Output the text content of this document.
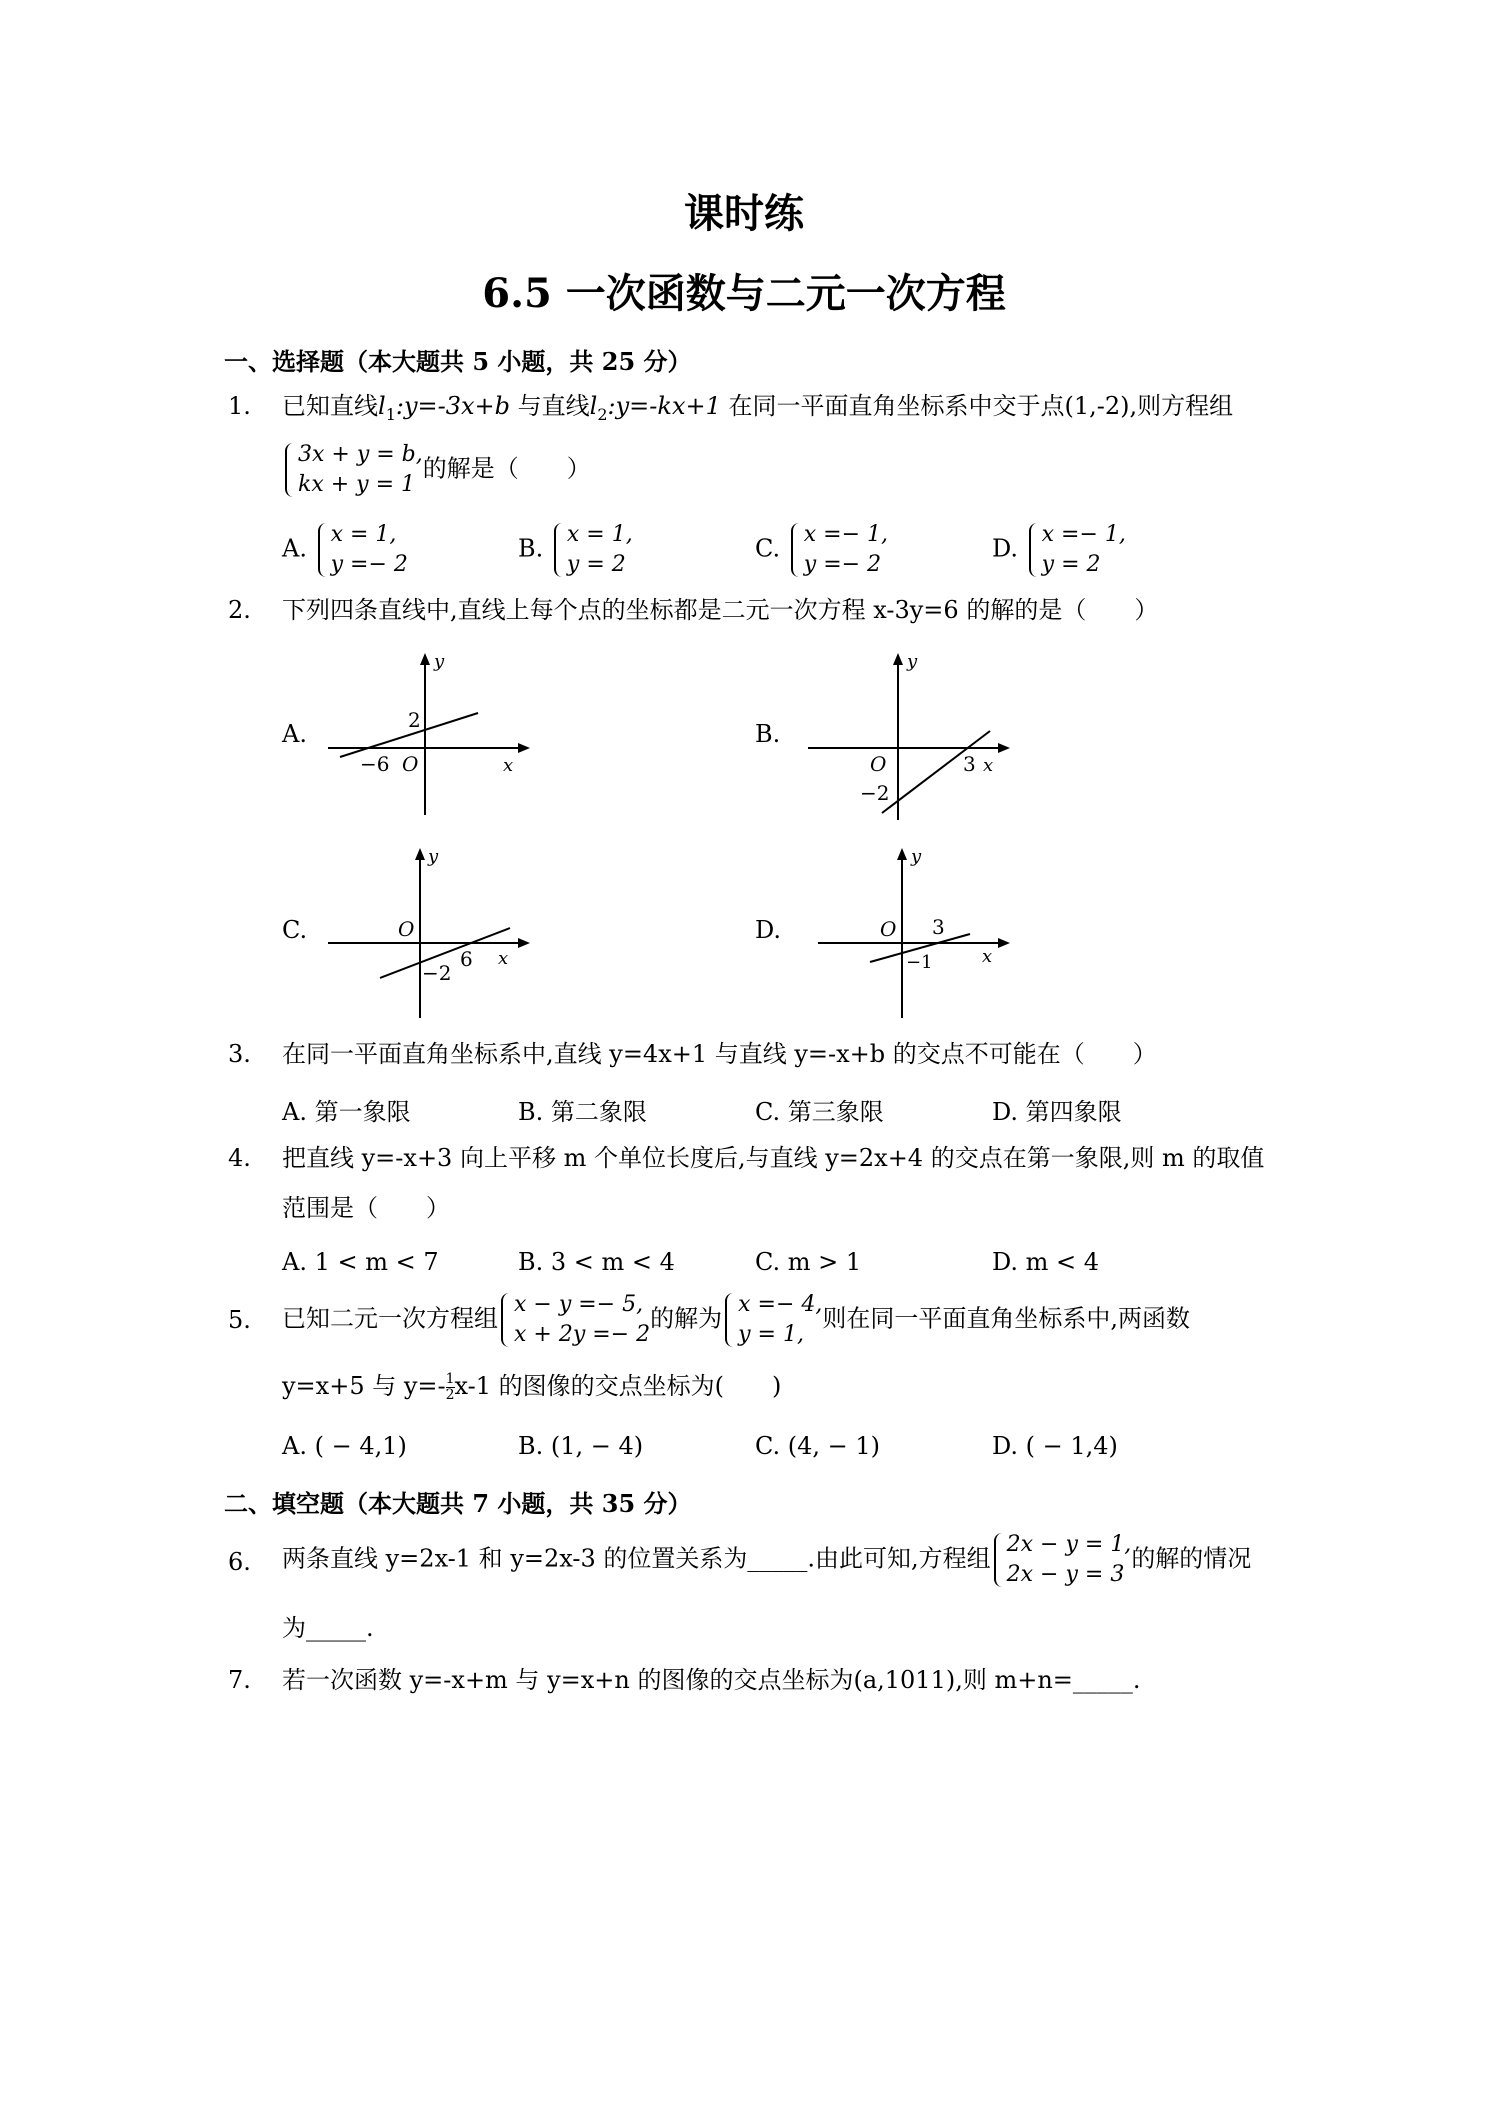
课时练
6.5 一次函数与二元一次方程
一、选择题（本大题共 5 小题，共 25 分）
1. 已知直线$l_1:y=-3x+b$ 与直线$l_2:y=-kx+1$ 在同一平面直角坐标系中交于点(1,-2),则方程组
3x + y = b,
kx + y = 1
的解是（　　）
A. x = 1,
y =− 2
B. x = 1,
y = 2
C. x =− 1,
y =− 2
D. x =− 1,
y = 2
2. 下列四条直线中,直线上每个点的坐标都是二元一次方程 x-3y=6 的解的是（　　）
A.	2
−6 O	x
y
B.
O	3
−2
x
y
C.	O
6
−2
x
y
D.	O 3
−1	x
y
3. 在同一平面直角坐标系中,直线 y=4x+1 与直线 y=-x+b 的交点不可能在（　　）
A. 第一象限	B. 第二象限	C. 第三象限	D. 第四象限
4. 把直线 y=-x+3 向上平移 m 个单位长度后,与直线 y=2x+4 的交点在第一象限,则 m 的取值
范围是（　　）
A. 1 < m < 7	B. 3 < m < 4	C. m > 1	D. m < 4
5. 已知二元一次方程组 x − y =− 5,
x + 2y =− 2
的解为 x =− 4,
y = 1,
则在同一平面直角坐标系中,两函数
y=x+5 与 $y=- \frac{1}{2} x-1$ 的图像的交点坐标为(　　)
A. ( − 4,1)	B. (1, − 4)	C. (4, − 1)	D. ( − 1,4)
二、填空题（本大题共 7 小题，共 35 分）
6. 两条直线 y=2x-1 和 y=2x-3 的位置关系为_____.由此可知,方程组 2x − y = 1,
2x − y = 3
的解的情况
为_____.
7. 若一次函数 y=-x+m 与 y=x+n 的图像的交点坐标为(a,1011),则 m+n=_____.
